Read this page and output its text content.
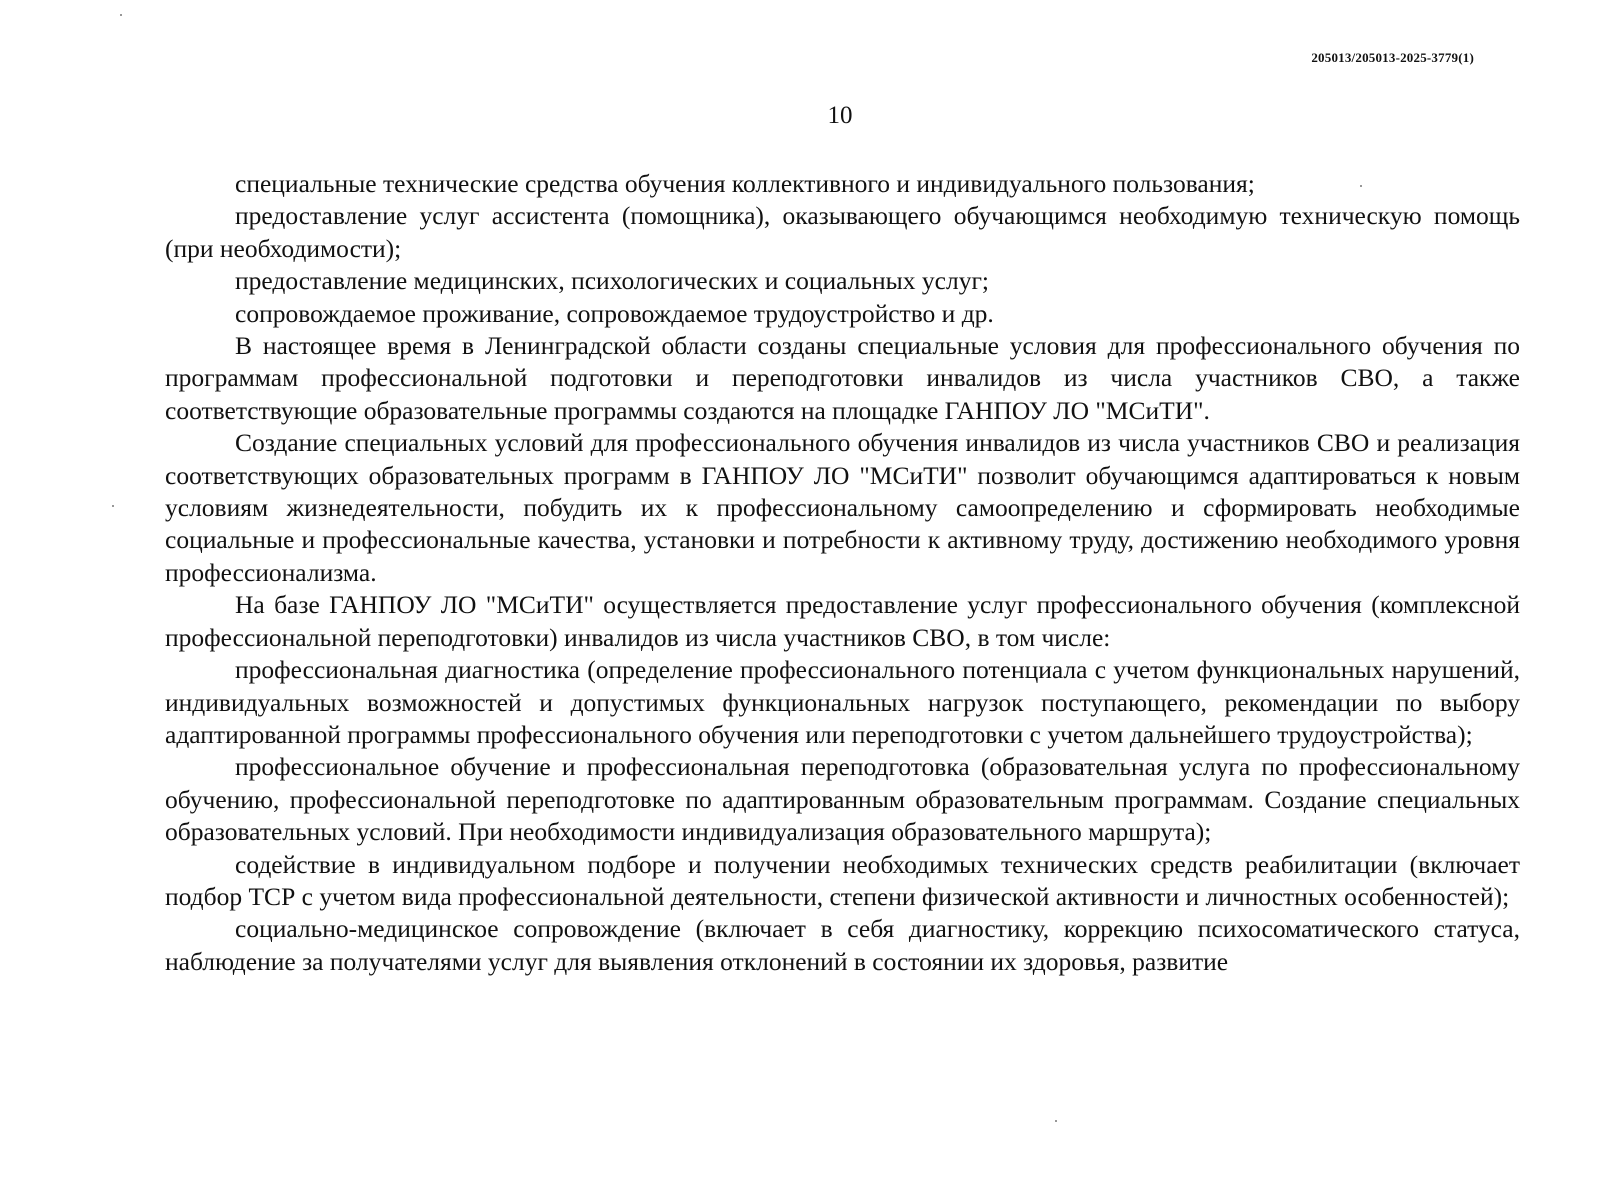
205013/205013-2025-3779(1)
10

специальные технические средства обучения коллективного и индивидуального пользования;

предоставление услуг ассистента (помощника), оказывающего обучающимся необходимую техническую помощь (при необходимости);

предоставление медицинских, психологических и социальных услуг;

сопровождаемое проживание, сопровождаемое трудоустройство и др.

В настоящее время в Ленинградской области созданы специальные условия для профессионального обучения по программам профессиональной подготовки и переподготовки инвалидов из числа участников СВО, а также соответствующие образовательные программы создаются на площадке ГАНПОУ ЛО "МСиТИ".

Создание специальных условий для профессионального обучения инвалидов из числа участников СВО и реализация соответствующих образовательных программ в ГАНПОУ ЛО "МСиТИ" позволит обучающимся адаптироваться к новым условиям жизнедеятельности, побудить их к профессиональному самоопределению и сформировать необходимые социальные и профессиональные качества, установки и потребности к активному труду, достижению необходимого уровня профессионализма.

На базе ГАНПОУ ЛО "МСиТИ" осуществляется предоставление услуг профессионального обучения (комплексной профессиональной переподготовки) инвалидов из числа участников СВО, в том числе:

профессиональная диагностика (определение профессионального потенциала с учетом функциональных нарушений, индивидуальных возможностей и допустимых функциональных нагрузок поступающего, рекомендации по выбору адаптированной программы профессионального обучения или переподготовки с учетом дальнейшего трудоустройства);

профессиональное обучение и профессиональная переподготовка (образовательная услуга по профессиональному обучению, профессиональной переподготовке по адаптированным образовательным программам. Создание специальных образовательных условий. При необходимости индивидуализация образовательного маршрута);

содействие в индивидуальном подборе и получении необходимых технических средств реабилитации (включает подбор ТСР с учетом вида профессиональной деятельности, степени физической активности и личностных особенностей);

социально-медицинское сопровождение (включает в себя диагностику, коррекцию психосоматического статуса, наблюдение за получателями услуг для выявления отклонений в состоянии их здоровья, развитие
